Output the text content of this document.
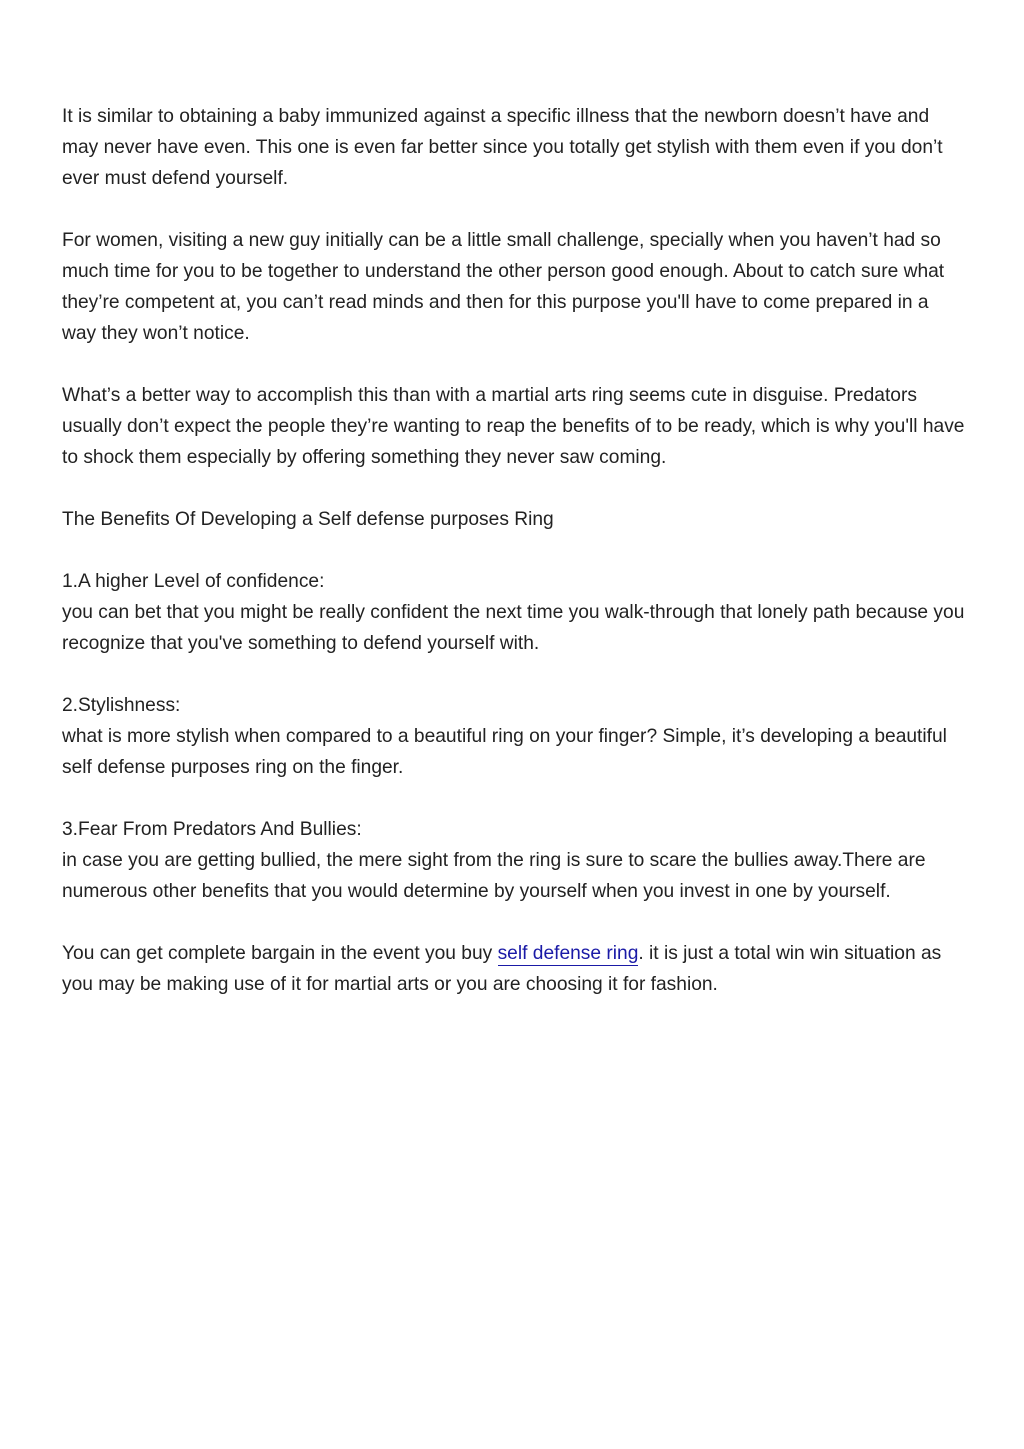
It is similar to obtaining a baby immunized against a specific illness that the newborn doesn’t have and may never have even. This one is even far better since you totally get stylish with them even if you don’t ever must defend yourself.

For women, visiting a new guy initially can be a little small challenge, specially when you haven’t had so much time for you to be together to understand the other person good enough. About to catch sure what they’re competent at, you can’t read minds and then for this purpose you'll have to come prepared in a way they won’t notice.

What’s a better way to accomplish this than with a martial arts ring seems cute in disguise. Predators usually don’t expect the people they’re wanting to reap the benefits of to be ready, which is why you'll have to shock them especially by offering something they never saw coming.

The Benefits Of Developing a Self defense purposes Ring

1.A higher Level of confidence:
you can bet that you might be really confident the next time you walk-through that lonely path because you recognize that you've something to defend yourself with.

2.Stylishness:
what is more stylish when compared to a beautiful ring on your finger? Simple, it’s developing a beautiful self defense purposes ring on the finger.

3.Fear From Predators And Bullies:
in case you are getting bullied, the mere sight from the ring is sure to scare the bullies away.There are numerous other benefits that you would determine by yourself when you invest in one by yourself.

You can get complete bargain in the event you buy self defense ring. it is just a total win win situation as you may be making use of it for martial arts or you are choosing it for fashion.
